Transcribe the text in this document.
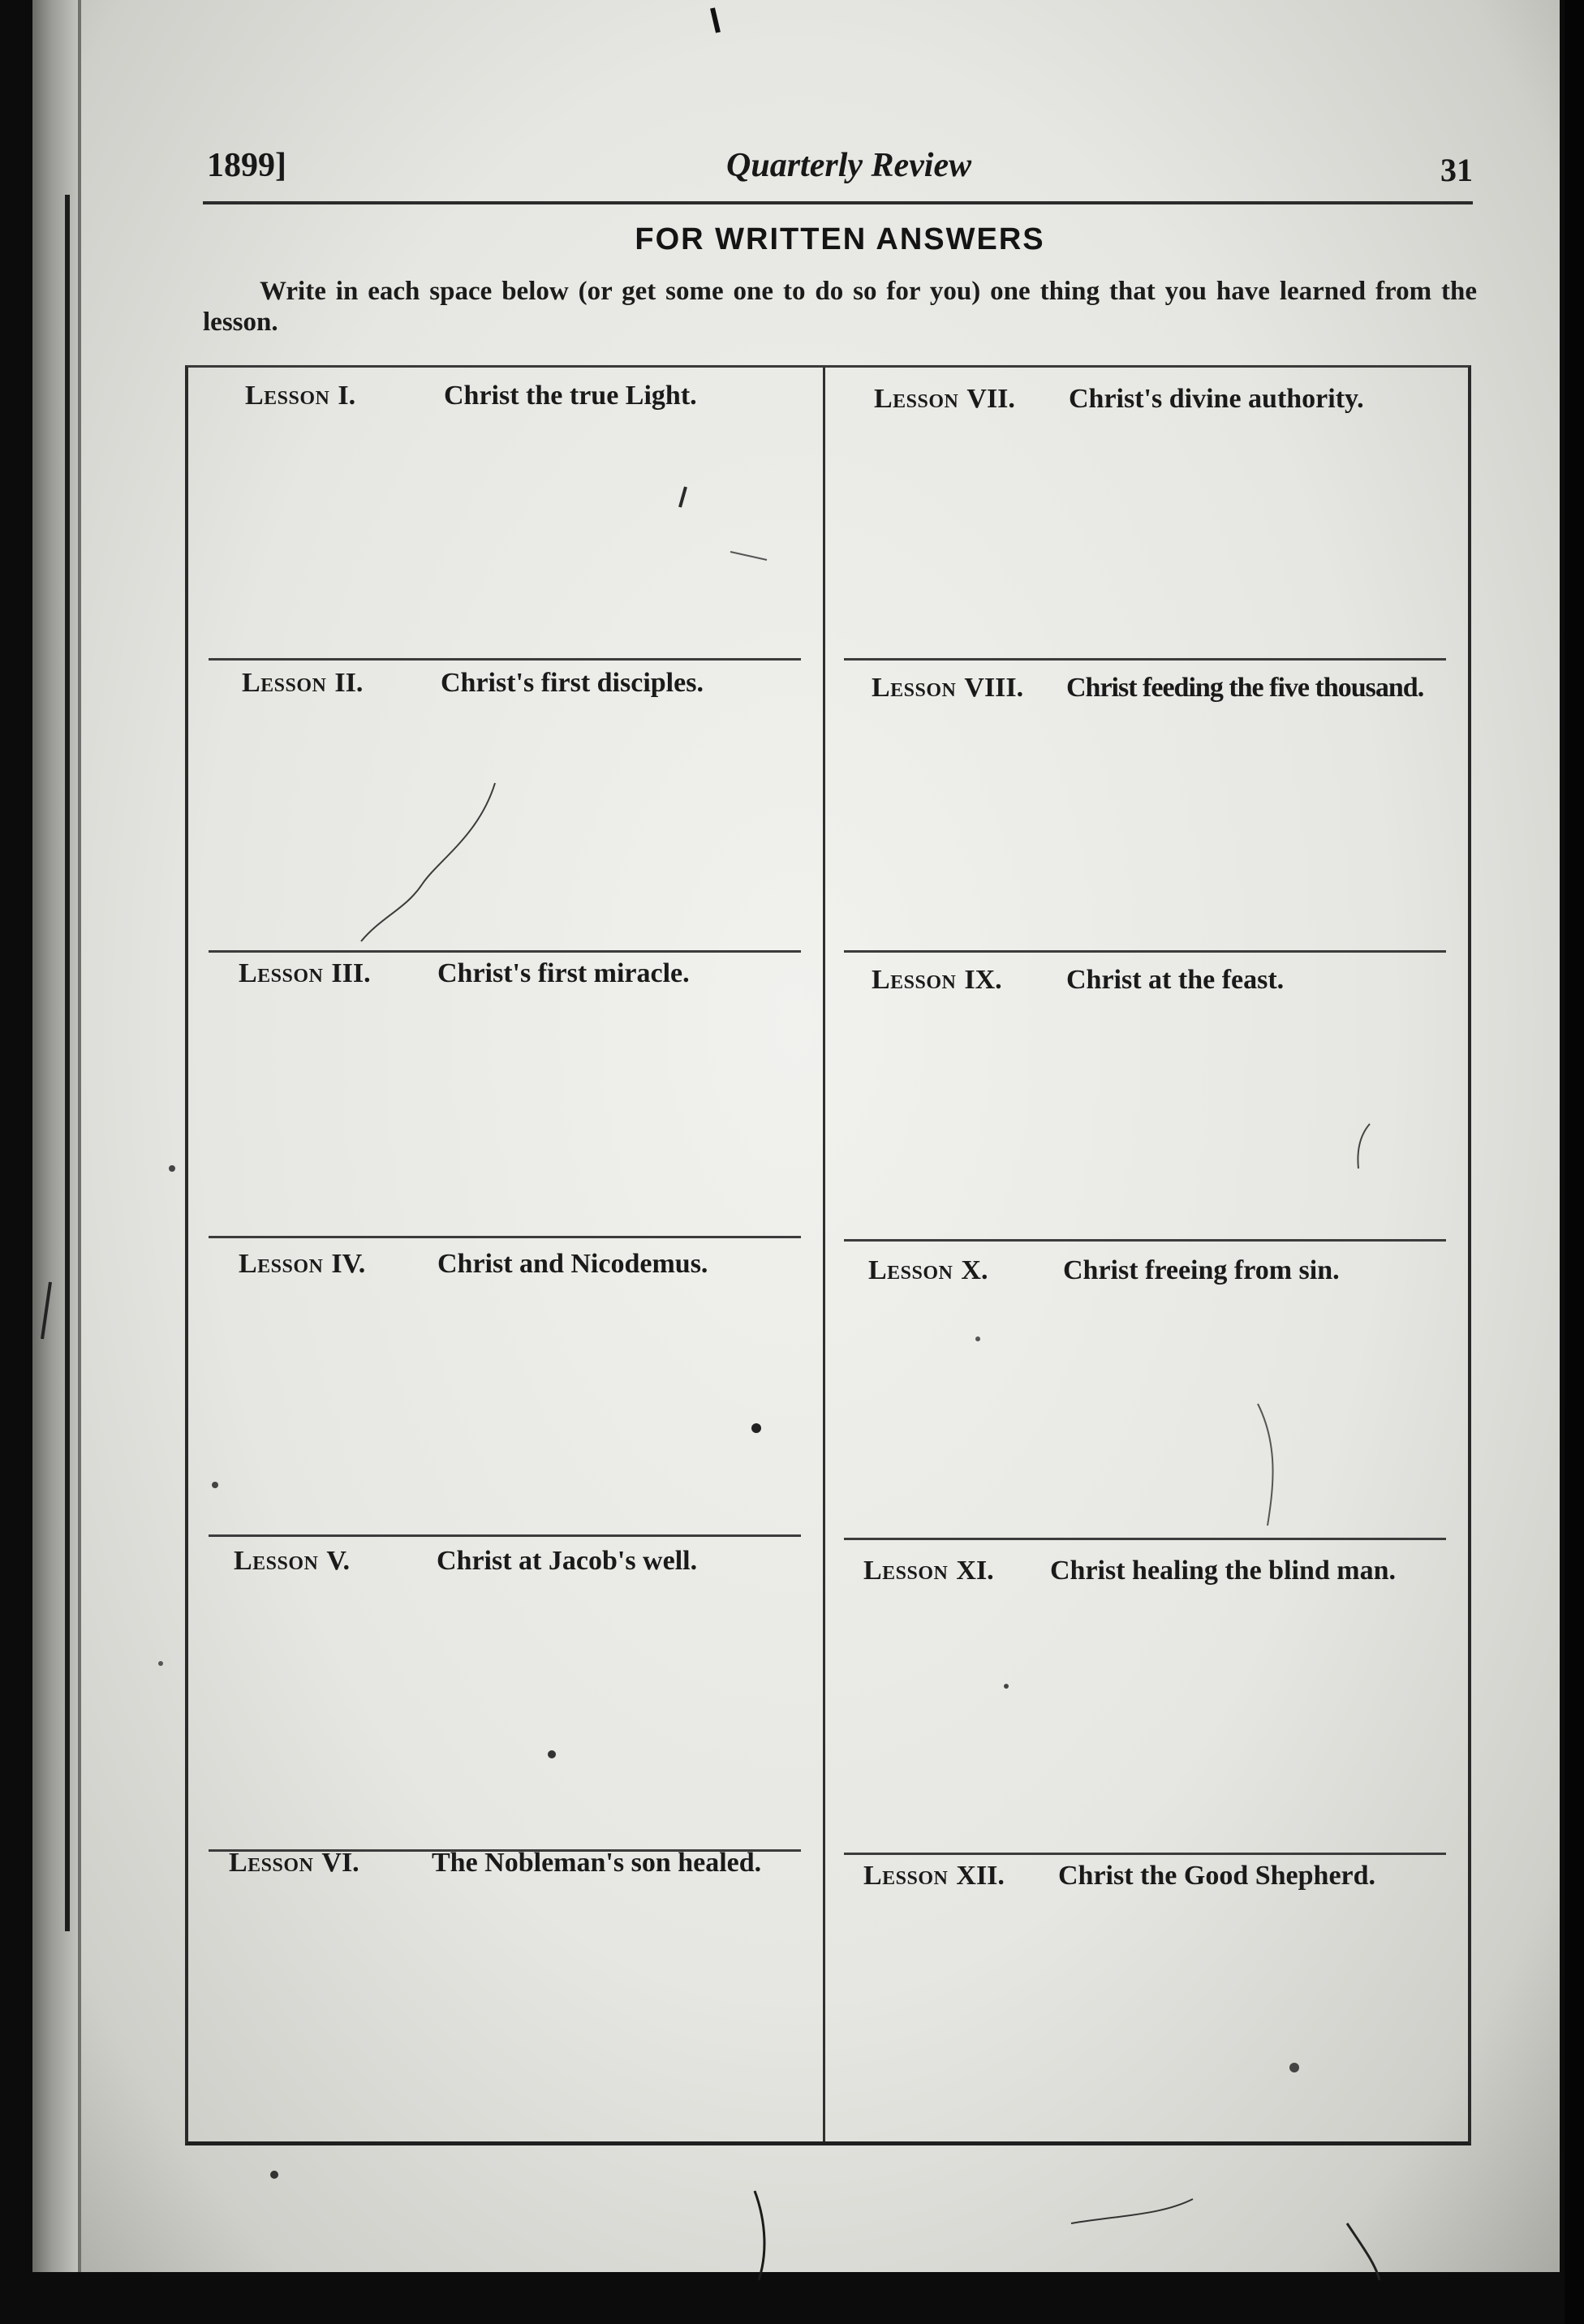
1899]	Quarterly Review	31
FOR WRITTEN ANSWERS
Write in each space below (or get some one to do so for you) one thing that you have learned from the lesson.
Lesson I.	Christ the true Light.
Lesson II.	Christ's first disciples.
Lesson III. Christ's first miracle.
Lesson IV.	Christ and Nicodemus.
Lesson V.	Christ at Jacob's well.
Lesson VI.	The Nobleman's son healed.
Lesson VII. Christ's divine authority.
Lesson VIII. Christ feeding the five thousand.
Lesson IX. Christ at the feast.
Lesson X.	Christ freeing from sin.
Lesson XI. Christ healing the blind man.
Lesson XII. Christ the Good Shepherd.
